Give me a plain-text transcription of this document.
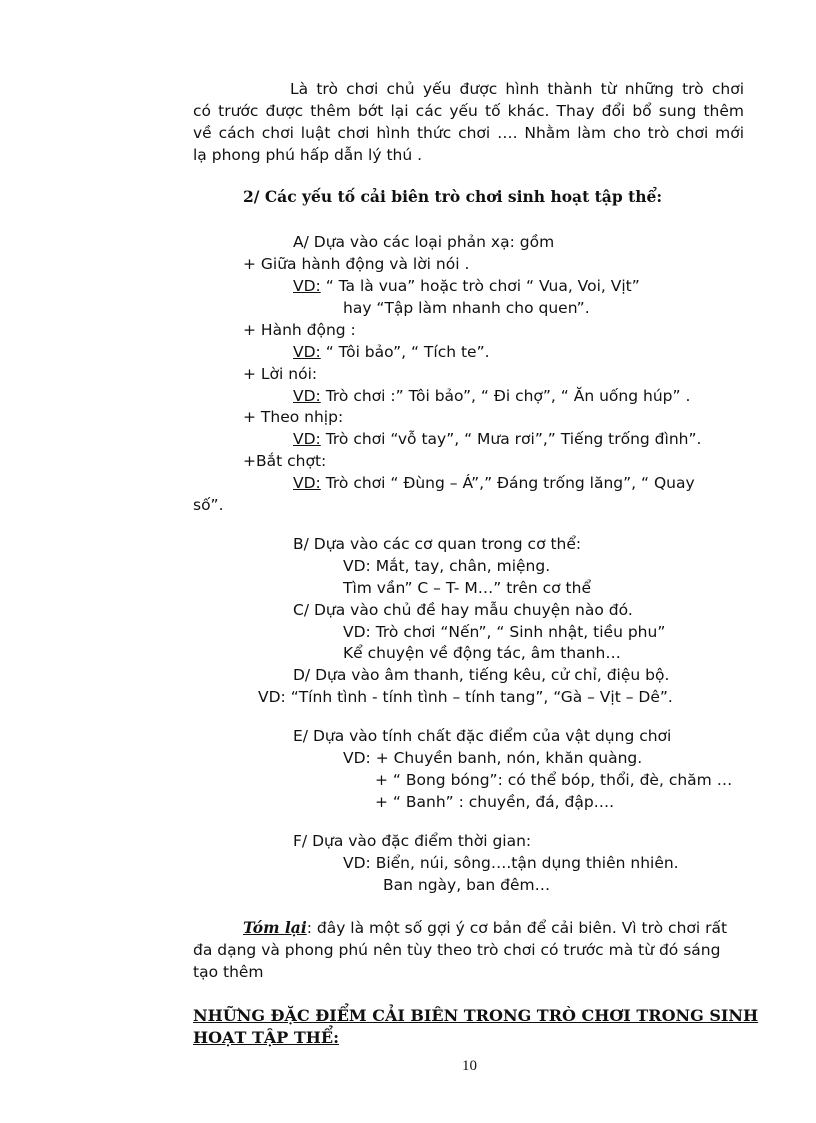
Là trò chơi chủ yếu được hình thành từ những trò chơi
có trước được thêm bớt lại các yếu tố khác. Thay đổi bổ sung thêm
về cách chơi luật chơi hình thức chơi …. Nhằm làm cho trò chơi mới
lạ phong phú hấp dẫn lý thú .
2/ Các yếu tố cải biên trò chơi sinh hoạt tập thể:
A/ Dựa vào các loại phản xạ: gồm
+ Giữa hành động và lời nói .
VD: “ Ta là vua” hoặc trò chơi “ Vua, Voi, Vịt”
hay “Tập làm nhanh cho quen”.
+ Hành động :
VD: “ Tôi bảo”, “ Tích te”.
+ Lời nói:
VD: Trò chơi :” Tôi bảo”, “ Đi chợ”, “ Ăn uống húp” .
+ Theo nhịp:
VD: Trò chơi “vỗ tay”, “ Mưa rơi”,” Tiếng trống đình”.
+Bắt chợt:
VD: Trò chơi “ Đùng – Á”,” Đáng trống lăng”, “ Quay
số”.
B/ Dựa vào các cơ quan trong cơ thể:
VD: Mắt, tay, chân, miệng.
Tìm vần” C – T- M…” trên cơ thể
C/ Dựa vào chủ đề hay mẫu chuyện nào đó.
VD: Trò chơi “Nến”, “ Sinh nhật, tiều phu”
Kể chuyện về động tác, âm thanh…
D/ Dựa vào âm thanh, tiếng kêu, cử chỉ, điệu bộ.
VD: “Tính tình - tính tình – tính tang”, “Gà – Vịt – Dê”.
E/ Dựa vào tính chất đặc điểm của vật dụng chơi
VD: + Chuyền banh, nón, khăn quàng.
+ “ Bong bóng”: có thể bóp, thổi, đè, chăm …
+ “ Banh” : chuyền, đá, đập….
F/ Dựa vào đặc điểm thời gian:
VD: Biển, núi, sông….tận dụng thiên nhiên.
Ban ngày, ban đêm…
Tóm lại: đây là một số gợi ý cơ bản để cải biên. Vì trò chơi rất
đa dạng và phong phú nên tùy theo trò chơi có trước mà từ đó sáng
tạo thêm
NHỮNG ĐẶC ĐIỂM CẢI BIÊN TRONG TRÒ CHƠI TRONG SINH
HOẠT TẬP THỂ:
10
